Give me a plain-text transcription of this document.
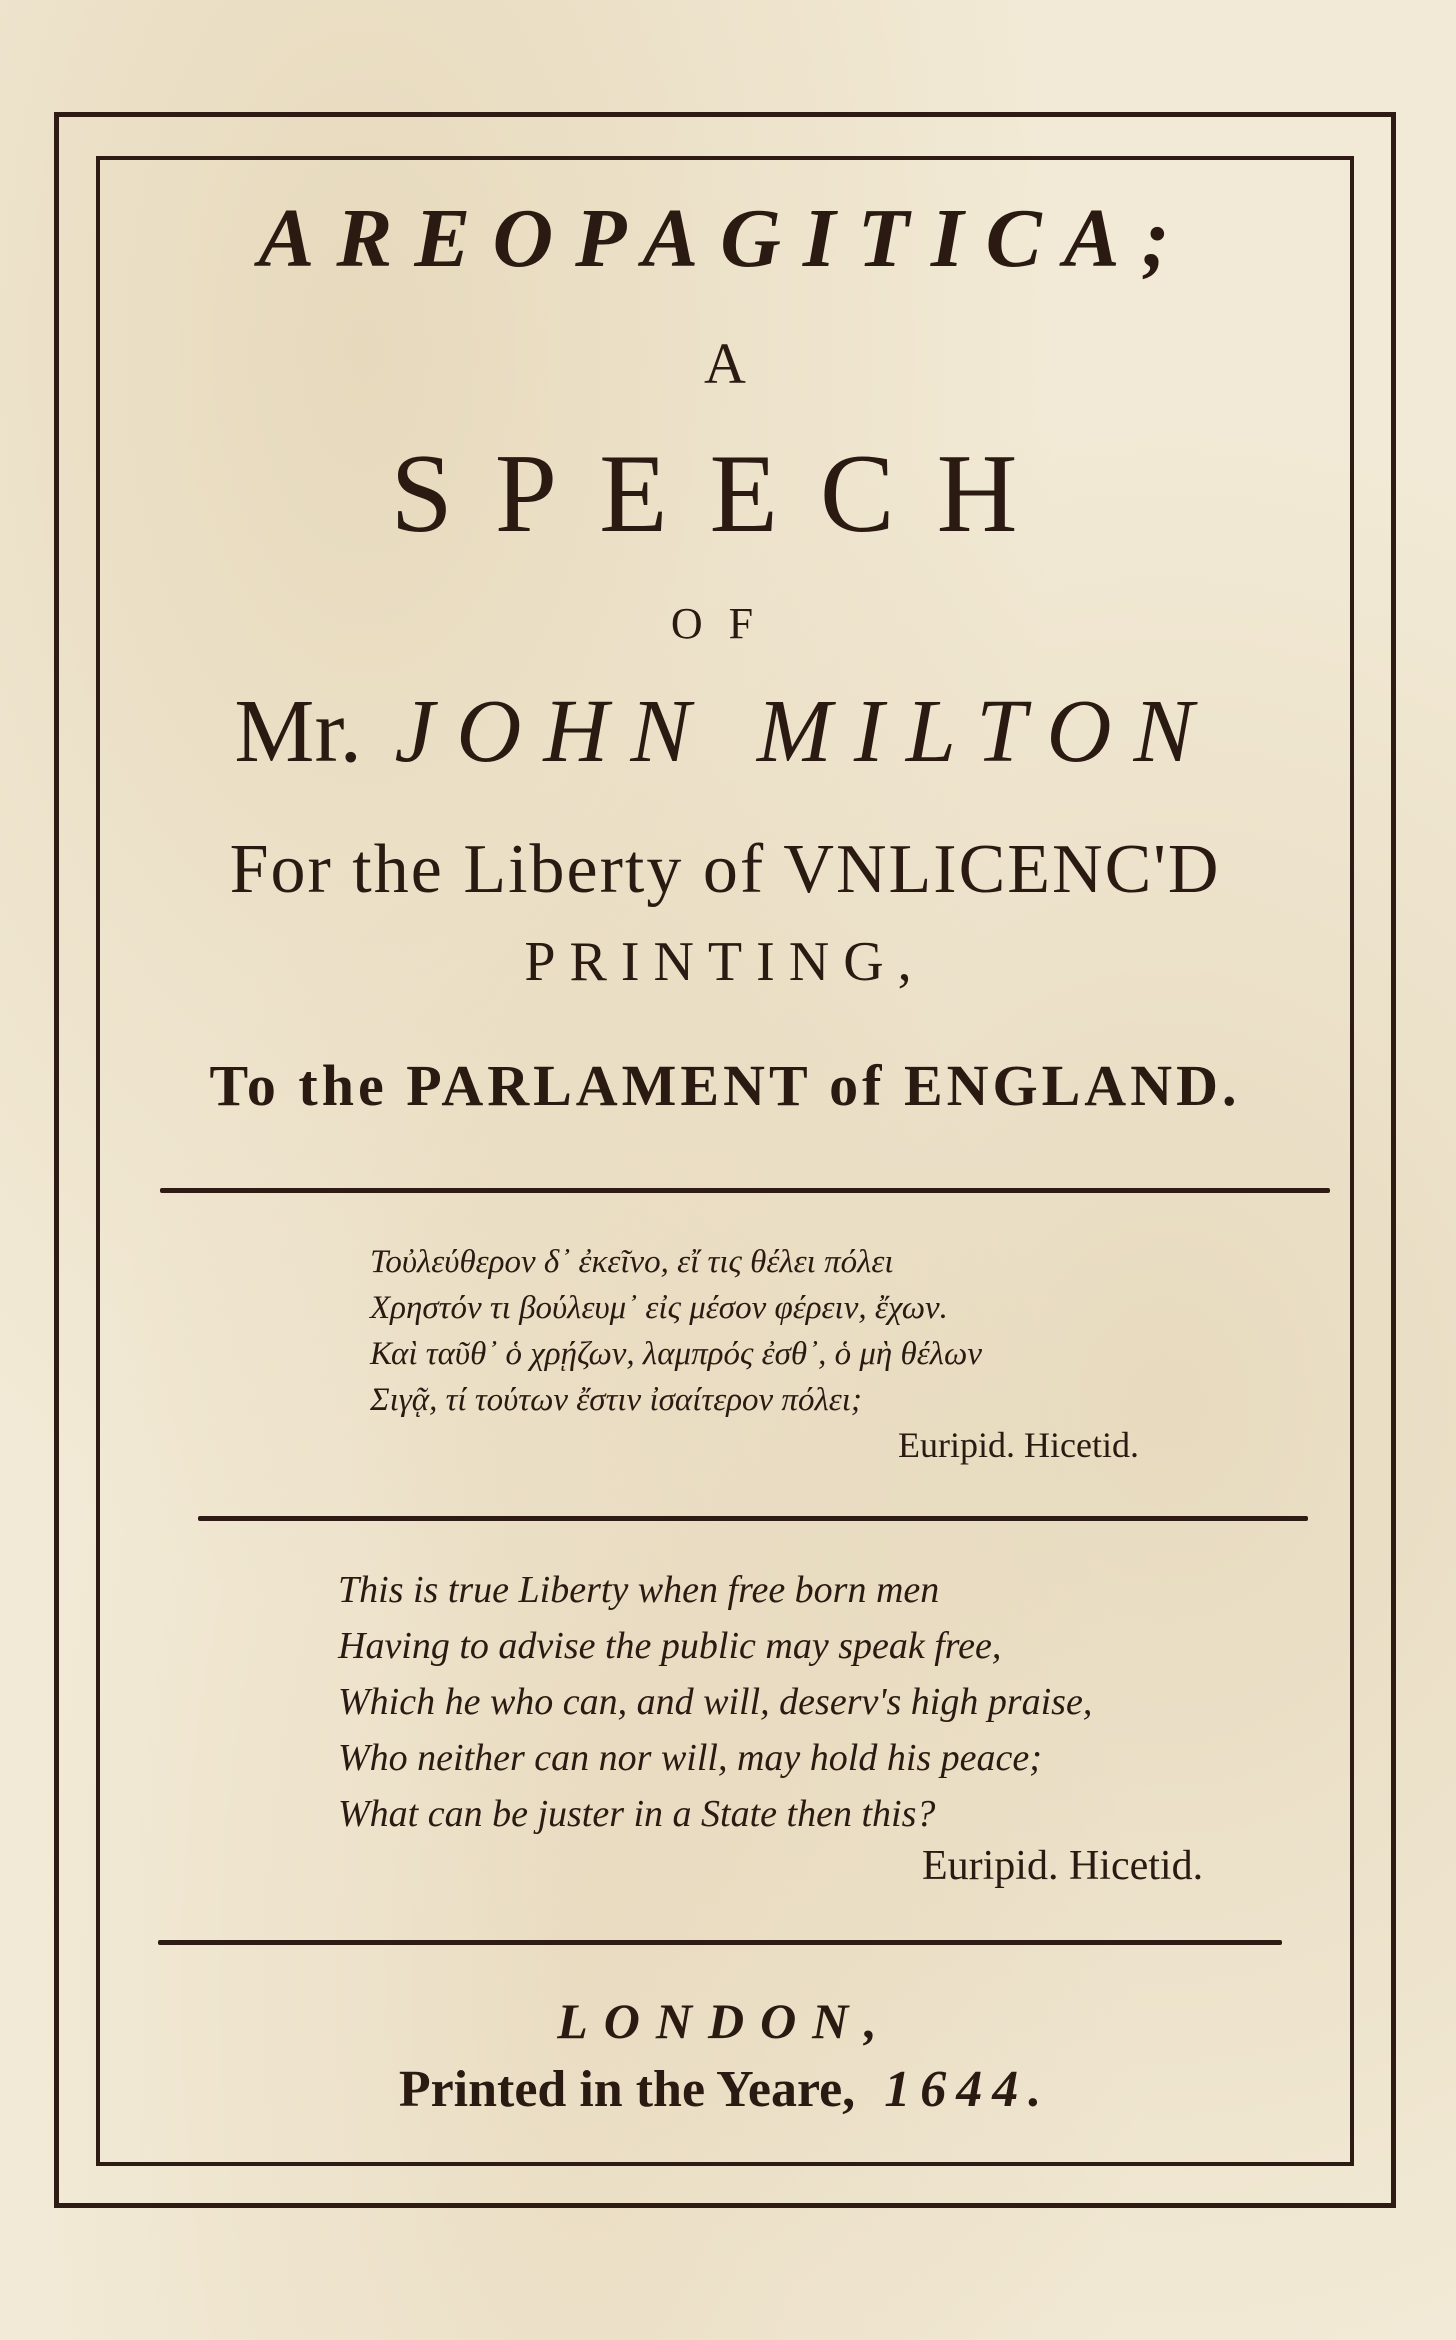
AREOPAGITICA;

A

SPEECH

OF

Mr. JOHN MILTON

For the Liberty of VNLICENC'D

PRINTING,

To the PARLAMENT of ENGLAND.

Τοὐλεύθερον δ᾽ ἐκεῖνο, εἴ τις θέλει πόλει

Χρηστόν τι βούλευμ᾽ εἰς μέσον φέρειν, ἔχων.

Καὶ ταῦθ᾽ ὁ χρῄζων, λαμπρός ἐσθ᾽, ὁ μὴ θέλων

Σιγᾷ, τί τούτων ἔστιν ἰσαίτερον πόλει;

Euripid. Hicetid.

This is true Liberty when free born men

Having to advise the public may speak free,

Which he who can, and will, deserv's high praise,

Who neither can nor will, may hold his peace;

What can be juster in a State then this?

Euripid. Hicetid.

LONDON,

Printed in the Yeare, 1644.
